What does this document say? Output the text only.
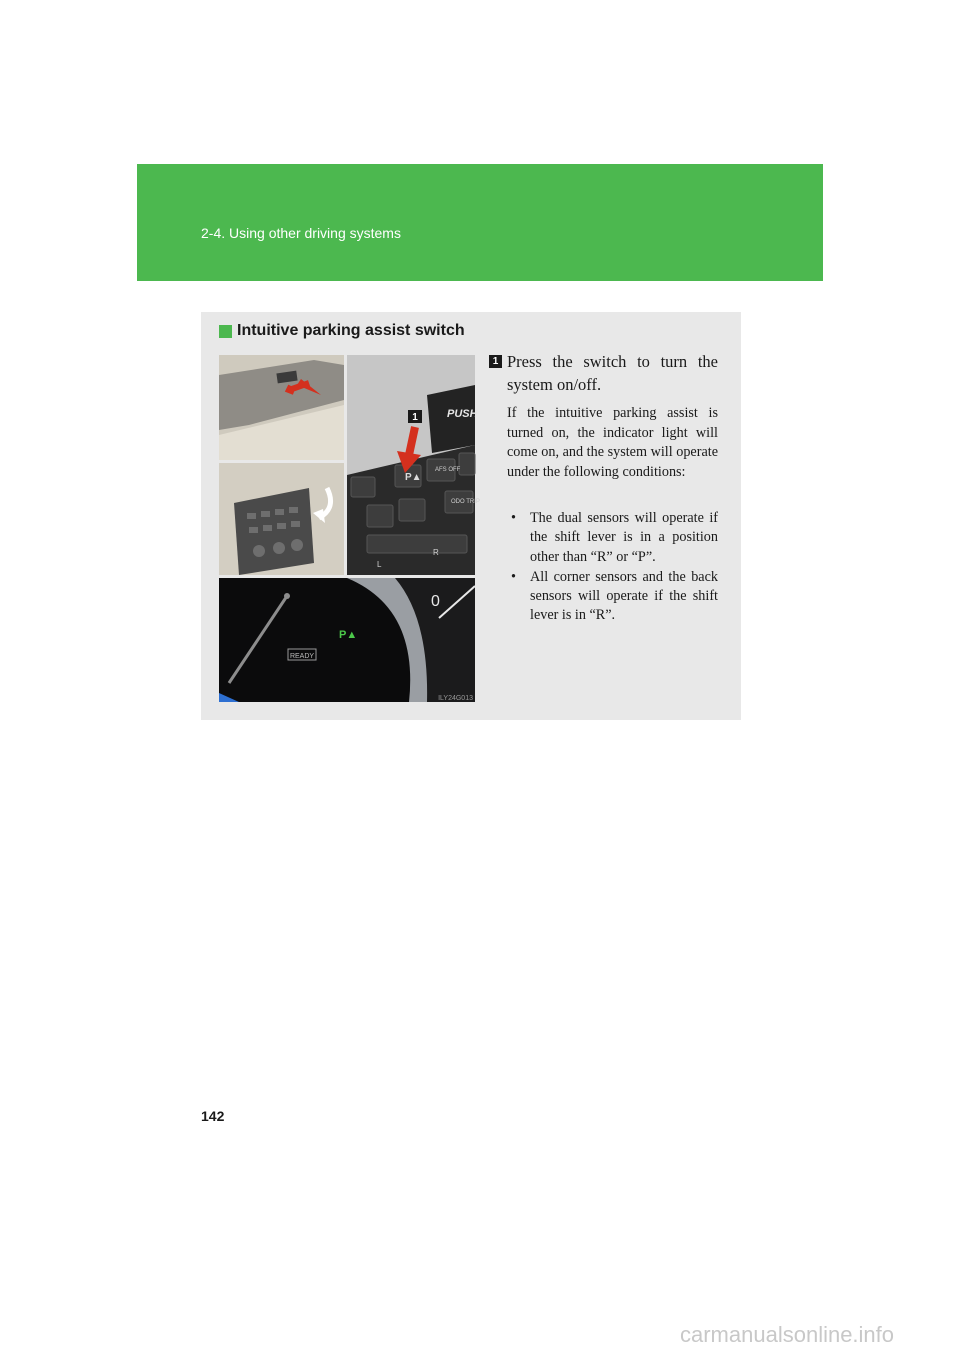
2-4. Using other driving systems
Intuitive parking assist switch
1	PUSH
P▲
AFS OFF
ODO TRIP
L
R
P▲
READY
0
ILY24G013
1 Press the switch to turn the system on/off.
If the intuitive parking assist is turned on, the indicator light will come on, and the system will operate under the following conditions:
• The dual sensors will operate if the shift lever is in a position other than “R” or “P”.
• All corner sensors and the back sensors will operate if the shift lever is in “R”.
142
carmanualsonline.info
